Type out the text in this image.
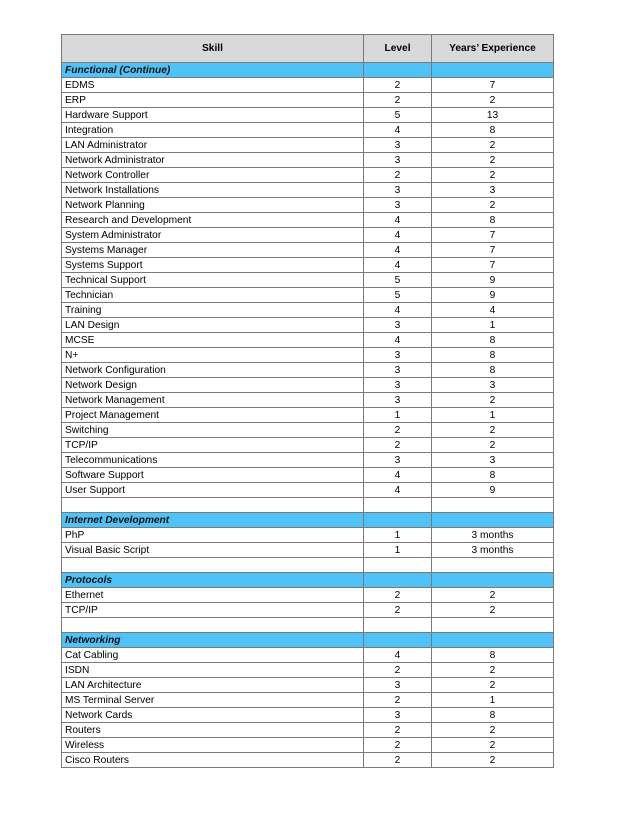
Skill	Level	Years’ Experience
Functional (Continue)		
EDMS	2	7
ERP	2	2
Hardware Support	5	13
Integration	4	8
LAN Administrator	3	2
Network Administrator	3	2
Network Controller	2	2
Network Installations	3	3
Network Planning	3	2
Research and Development	4	8
System Administrator	4	7
Systems Manager	4	7
Systems Support	4	7
Technical Support	5	9
Technician	5	9
Training	4	4
LAN Design	3	1
MCSE	4	8
N+	3	8
Network Configuration	3	8
Network Design	3	3
Network Management	3	2
Project Management	1	1
Switching	2	2
TCP/IP	2	2
Telecommunications	3	3
Software Support	4	8
User Support	4	9

Internet Development		
PhP	1	3 months
Visual Basic Script	1	3 months

Protocols		
Ethernet	2	2
TCP/IP	2	2

Networking		
Cat Cabling	4	8
ISDN	2	2
LAN Architecture	3	2
MS Terminal Server	2	1
Network Cards	3	8
Routers	2	2
Wireless	2	2
Cisco Routers	2	2
